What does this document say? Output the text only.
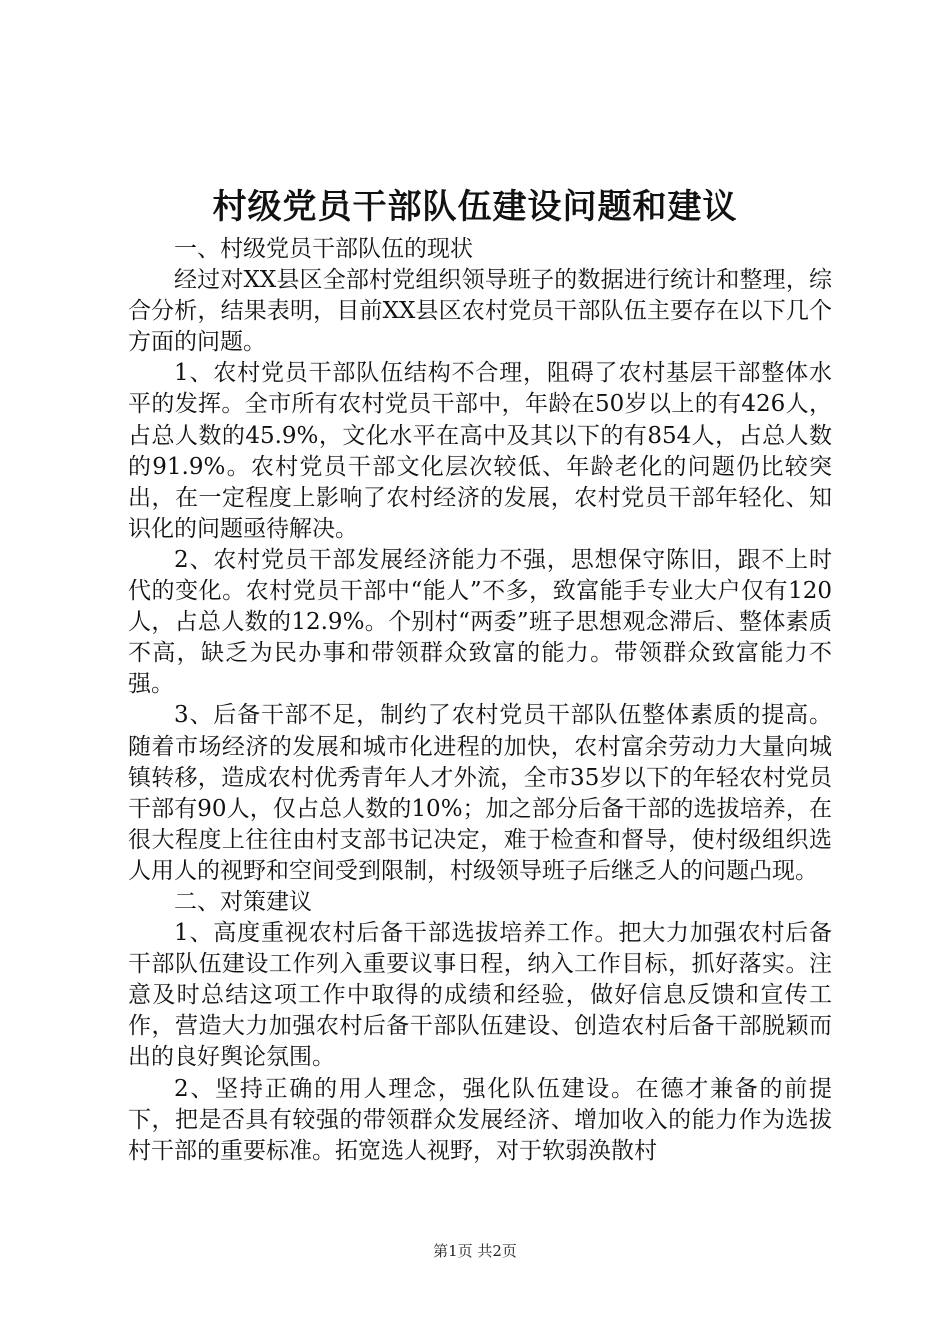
村级党员干部队伍建设问题和建议

一、村级党员干部队伍的现状

经过对XX县区全部村党组织领导班子的数据进行统计和整理，综合分析，结果表明，目前XX县区农村党员干部队伍主要存在以下几个方面的问题。

1、农村党员干部队伍结构不合理，阻碍了农村基层干部整体水平的发挥。全市所有农村党员干部中，年龄在50岁以上的有426人，占总人数的45.9%，文化水平在高中及其以下的有854人，占总人数的91.9%。农村党员干部文化层次较低、年龄老化的问题仍比较突出，在一定程度上影响了农村经济的发展，农村党员干部年轻化、知识化的问题亟待解决。

2、农村党员干部发展经济能力不强，思想保守陈旧，跟不上时代的变化。农村党员干部中“能人”不多，致富能手专业大户仅有120人，占总人数的12.9%。个别村“两委”班子思想观念滞后、整体素质不高，缺乏为民办事和带领群众致富的能力。带领群众致富能力不强。

3、后备干部不足，制约了农村党员干部队伍整体素质的提高。随着市场经济的发展和城市化进程的加快，农村富余劳动力大量向城镇转移，造成农村优秀青年人才外流，全市35岁以下的年轻农村党员干部有90人，仅占总人数的10%；加之部分后备干部的选拔培养，在很大程度上往往由村支部书记决定，难于检查和督导，使村级组织选人用人的视野和空间受到限制，村级领导班子后继乏人的问题凸现。

二、对策建议

1、高度重视农村后备干部选拔培养工作。把大力加强农村后备干部队伍建设工作列入重要议事日程，纳入工作目标，抓好落实。注意及时总结这项工作中取得的成绩和经验，做好信息反馈和宣传工作，营造大力加强农村后备干部队伍建设、创造农村后备干部脱颖而出的良好舆论氛围。

2、坚持正确的用人理念，强化队伍建设。在德才兼备的前提下，把是否具有较强的带领群众发展经济、增加收入的能力作为选拔村干部的重要标准。拓宽选人视野，对于软弱涣散村

第1页 共2页
